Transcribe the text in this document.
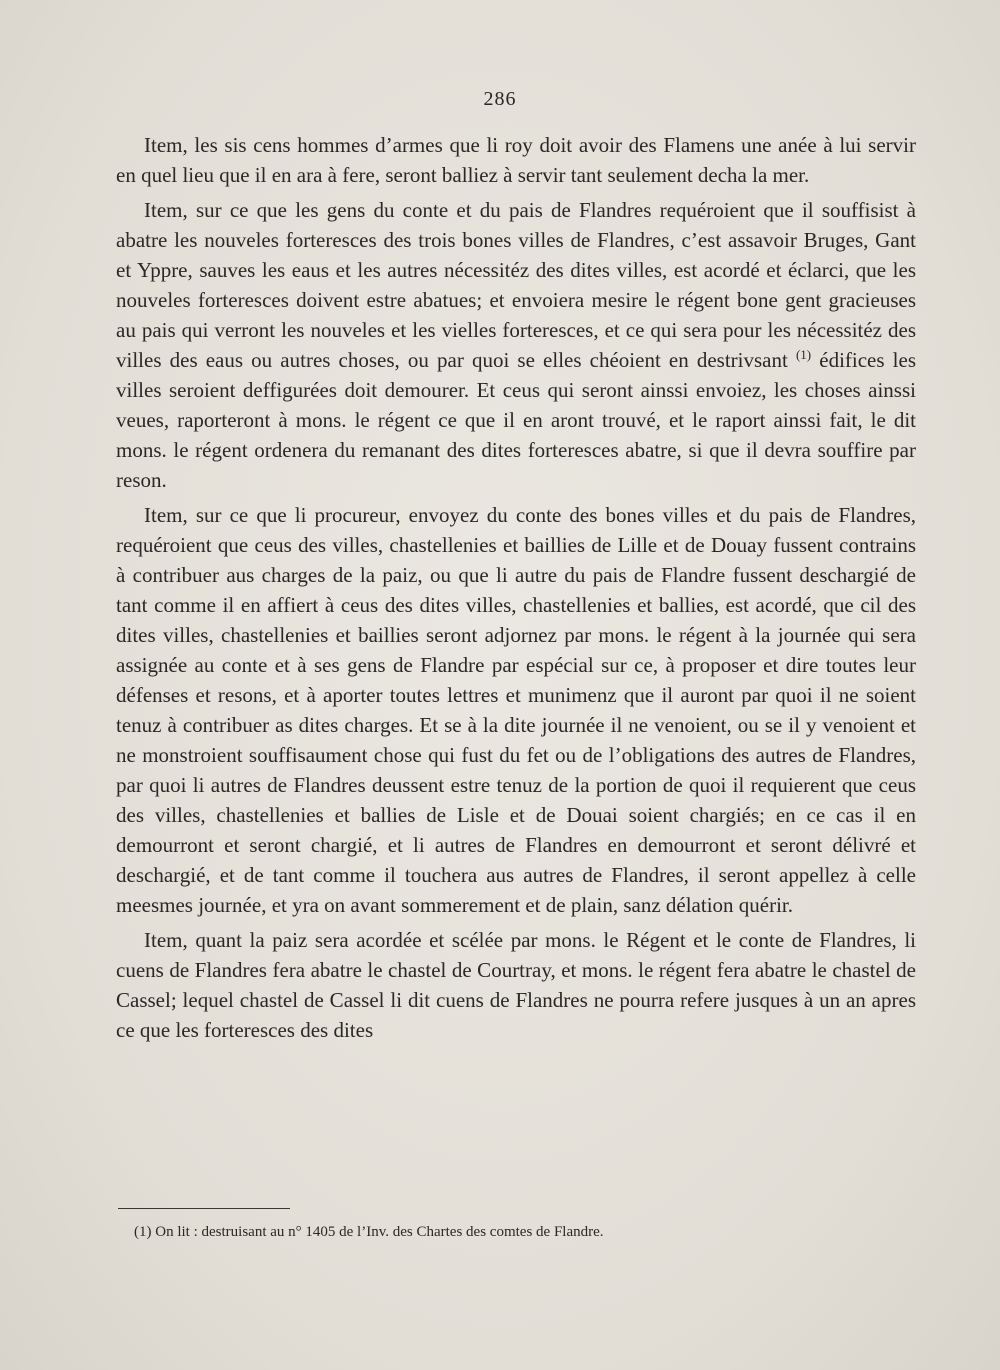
286

Item, les sis cens hommes d’armes que li roy doit avoir des Flamens une anée à lui servir en quel lieu que il en ara à fere, seront balliez à servir tant seulement decha la mer.

Item, sur ce que les gens du conte et du pais de Flandres requéroient que il souffisist à abatre les nouveles forteresces des trois bones villes de Flandres, c’est assavoir Bruges, Gant et Yppre, sauves les eaus et les autres nécessitéz des dites villes, est acordé et éclarci, que les nouveles forteresces doivent estre abatues; et envoiera mesire le régent bone gent gracieuses au pais qui verront les nouveles et les vielles forteresces, et ce qui sera pour les nécessitéz des villes des eaus ou autres choses, ou par quoi se elles chéoient en destrivsant $^{(1)}$ édifices les villes seroient deffigurées doit demourer. Et ceus qui seront ainssi envoiez, les choses ainssi veues, raporteront à mons. le régent ce que il en aront trouvé, et le raport ainssi fait, le dit mons. le régent ordenera du remanant des dites forteresces abatre, si que il devra souffire par reson.

Item, sur ce que li procureur, envoyez du conte des bones villes et du pais de Flandres, requéroient que ceus des villes, chastellenies et baillies de Lille et de Douay fussent contrains à contribuer aus charges de la paiz, ou que li autre du pais de Flandre fussent deschargié de tant comme il en affiert à ceus des dites villes, chastellenies et ballies, est acordé, que cil des dites villes, chastellenies et baillies seront adjornez par mons. le régent à la journée qui sera assignée au conte et à ses gens de Flandre par espécial sur ce, à proposer et dire toutes leur défenses et resons, et à aporter toutes lettres et munimenz que il auront par quoi il ne soient tenuz à contribuer as dites charges. Et se à la dite journée il ne venoient, ou se il y venoient et ne monstroient souffisaument chose qui fust du fet ou de l’obligations des autres de Flandres, par quoi li autres de Flandres deussent estre tenuz de la portion de quoi il requierent que ceus des villes, chastellenies et ballies de Lisle et de Douai soient chargiés; en ce cas il en demourront et seront chargié, et li autres de Flandres en demourront et seront délivré et deschargié, et de tant comme il touchera aus autres de Flandres, il seront appellez à celle meesmes journée, et yra on avant sommerement et de plain, sanz délation quérir.

Item, quant la paiz sera acordée et scélée par mons. le Régent et le conte de Flandres, li cuens de Flandres fera abatre le chastel de Courtray, et mons. le régent fera abatre le chastel de Cassel; lequel chastel de Cassel li dit cuens de Flandres ne pourra refere jusques à un an apres ce que les forteresces des dites

(1) On lit : destruisant au n° 1405 de l’Inv. des Chartes des comtes de Flandre.
